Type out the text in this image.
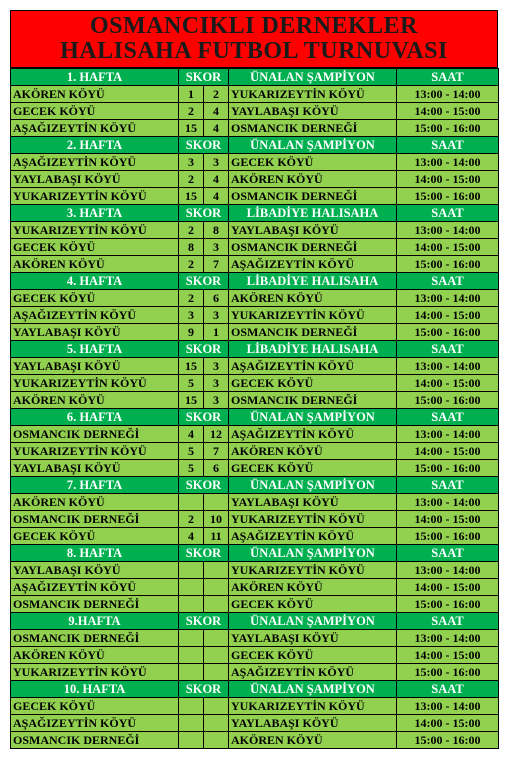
OSMANCIKLI DERNEKLER
HALISAHA FUTBOL TURNUVASI
1. HAFTA	SKOR		ÜNALAN ŞAMPİYON	SAAT
AKÖREN KÖYÜ	1	2	YUKARIZEYTİN KÖYÜ	13:00 - 14:00
GECEK KÖYÜ	2	4	YAYLABAŞI KÖYÜ	14:00 - 15:00
AŞAĞIZEYTİN KÖYÜ	15	4	OSMANCIK DERNEĞİ	15:00 - 16:00
2. HAFTA	SKOR		ÜNALAN ŞAMPİYON	SAAT
AŞAĞIZEYTİN KÖYÜ	3	3	GECEK KÖYÜ	13:00 - 14:00
YAYLABAŞI KÖYÜ	2	4	AKÖREN KÖYÜ	14:00 - 15:00
YUKARIZEYTİN KÖYÜ	15	4	OSMANCIK DERNEĞİ	15:00 - 16:00
3. HAFTA	SKOR		LİBADİYE HALISAHA	SAAT
YUKARIZEYTİN KÖYÜ	2	8	YAYLABAŞI KÖYÜ	13:00 - 14:00
GECEK KÖYÜ	8	3	OSMANCIK DERNEĞİ	14:00 - 15:00
AKÖREN KÖYÜ	2	7	AŞAĞIZEYTİN KÖYÜ	15:00 - 16:00
4. HAFTA	SKOR		LİBADİYE HALISAHA	SAAT
GECEK KÖYÜ	2	6	AKÖREN KÖYÜ	13:00 - 14:00
AŞAĞIZEYTİN KÖYÜ	3	3	YUKARIZEYTİN KÖYÜ	14:00 - 15:00
YAYLABAŞI KÖYÜ	9	1	OSMANCIK DERNEĞİ	15:00 - 16:00
5. HAFTA	SKOR		LİBADİYE HALISAHA	SAAT
YAYLABAŞI KÖYÜ	15	3	AŞAĞIZEYTİN KÖYÜ	13:00 - 14:00
YUKARIZEYTİN KÖYÜ	5	3	GECEK KÖYÜ	14:00 - 15:00
AKÖREN KÖYÜ	15	3	OSMANCIK DERNEĞİ	15:00 - 16:00
6. HAFTA	SKOR		ÜNALAN ŞAMPİYON	SAAT
OSMANCIK DERNEĞİ	4	12	AŞAĞIZEYTİN KÖYÜ	13:00 - 14:00
YUKARIZEYTİN KÖYÜ	5	7	AKÖREN KÖYÜ	14:00 - 15:00
YAYLABAŞI KÖYÜ	5	6	GECEK KÖYÜ	15:00 - 16:00
7. HAFTA	SKOR		ÜNALAN ŞAMPİYON	SAAT
AKÖREN KÖYÜ			YAYLABAŞI KÖYÜ	13:00 - 14:00
OSMANCIK DERNEĞİ	2	10	YUKARIZEYTİN KÖYÜ	14:00 - 15:00
GECEK KÖYÜ	4	11	AŞAĞIZEYTİN KÖYÜ	15:00 - 16:00
8. HAFTA	SKOR		ÜNALAN ŞAMPİYON	SAAT
YAYLABAŞI KÖYÜ			YUKARIZEYTİN KÖYÜ	13:00 - 14:00
AŞAĞIZEYTİN KÖYÜ			AKÖREN KÖYÜ	14:00 - 15:00
OSMANCIK DERNEĞİ			GECEK KÖYÜ	15:00 - 16:00
9.HAFTA	SKOR		ÜNALAN ŞAMPİYON	SAAT
OSMANCIK DERNEĞİ			YAYLABAŞI KÖYÜ	13:00 - 14:00
AKÖREN KÖYÜ			GECEK KÖYÜ	14:00 - 15:00
YUKARIZEYTİN KÖYÜ			AŞAĞIZEYTİN KÖYÜ	15:00 - 16:00
10. HAFTA	SKOR		ÜNALAN ŞAMPİYON	SAAT
GECEK KÖYÜ			YUKARIZEYTİN KÖYÜ	13:00 - 14:00
AŞAĞIZEYTİN KÖYÜ			YAYLABAŞI KÖYÜ	14:00 - 15:00
OSMANCIK DERNEĞİ			AKÖREN KÖYÜ	15:00 - 16:00
